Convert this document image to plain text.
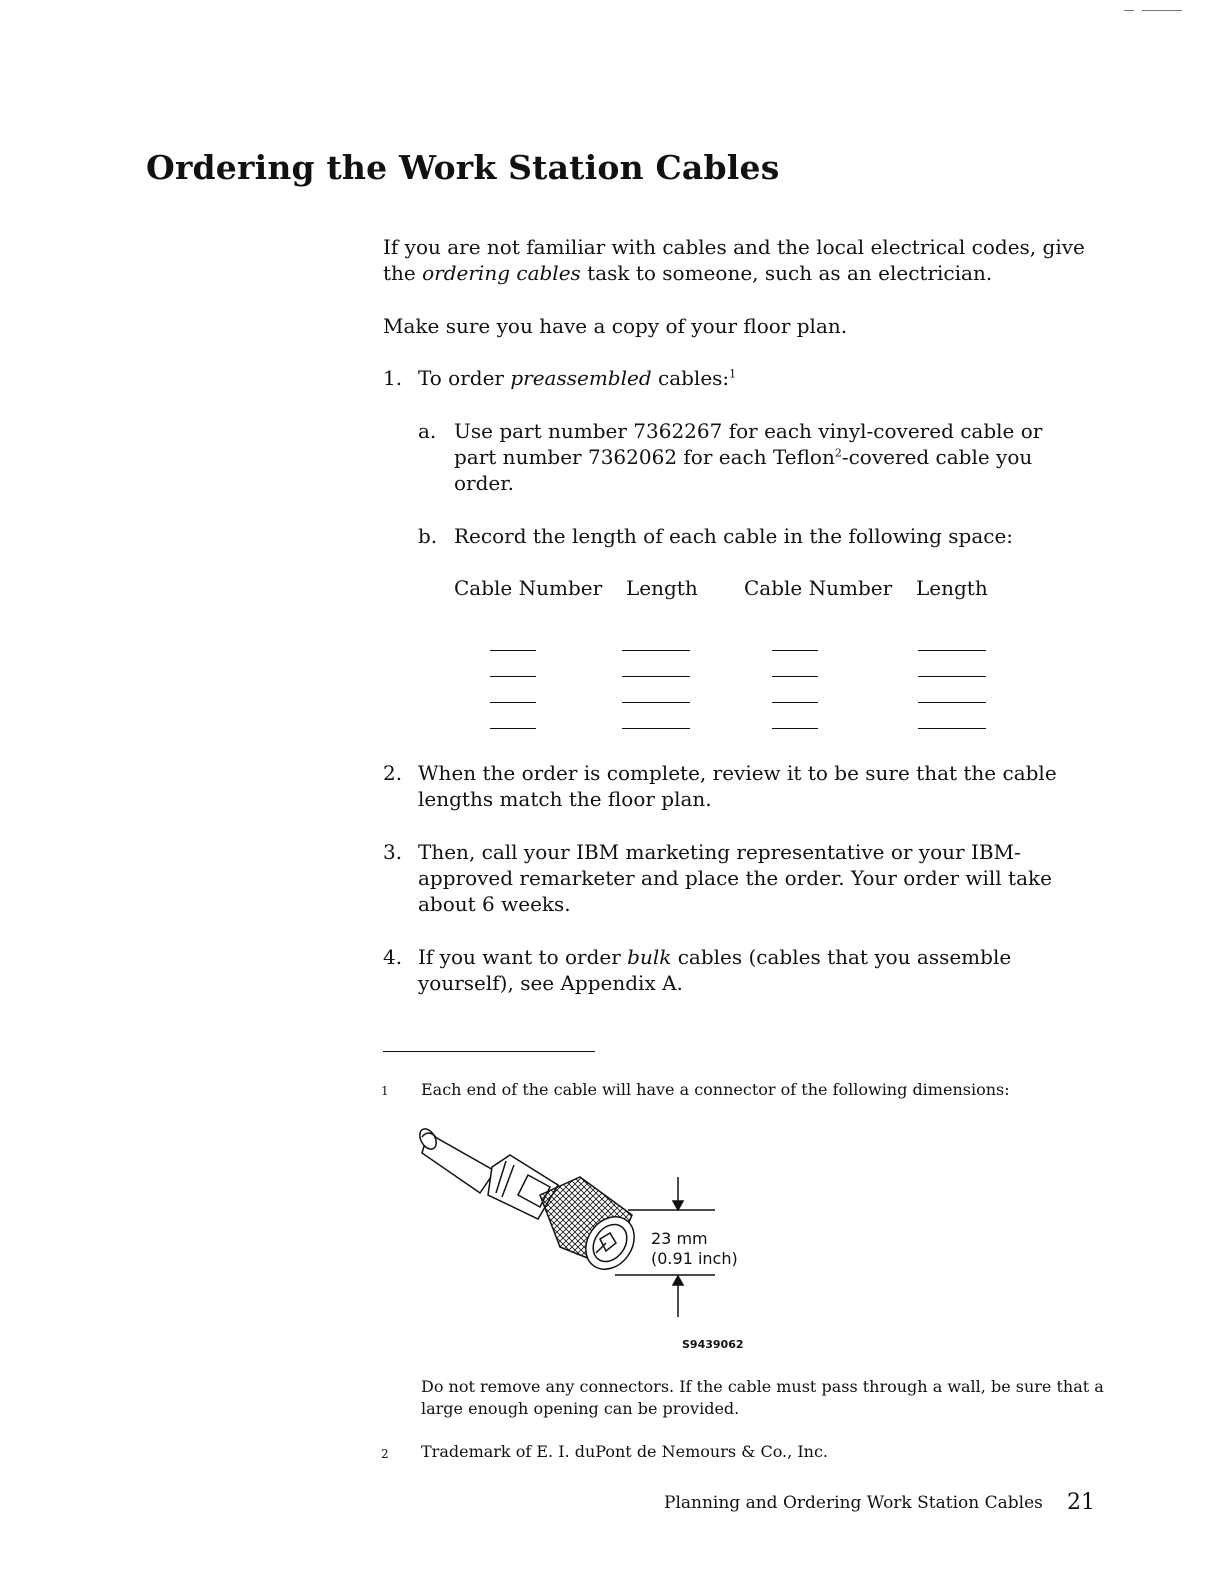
Ordering the Work Station Cables

If you are not familiar with cables and the local electrical codes, give the ordering cables task to someone, such as an electrician.

Make sure you have a copy of your floor plan.

1. To order preassembled cables:$^1$
a. Use part number 7362267 for each vinyl-covered cable or part number 7362062 for each Teflon$^2$-covered cable you order.
b. Record the length of each cable in the following space:
Cable Number Length Cable Number Length
2. When the order is complete, review it to be sure that the cable lengths match the floor plan.
3. Then, call your IBM marketing representative or your IBM-approved remarketer and place the order. Your order will take about 6 weeks.
4. If you want to order bulk cables (cables that you assemble yourself), see Appendix A.
1 Each end of the cable will have a connector of the following dimensions:
23 mm
(0.91 inch)
S9439062
Do not remove any connectors. If the cable must pass through a wall, be sure that a large enough opening can be provided.
2 Trademark of E. I. duPont de Nemours & Co., Inc.
Planning and Ordering Work Station Cables 21
